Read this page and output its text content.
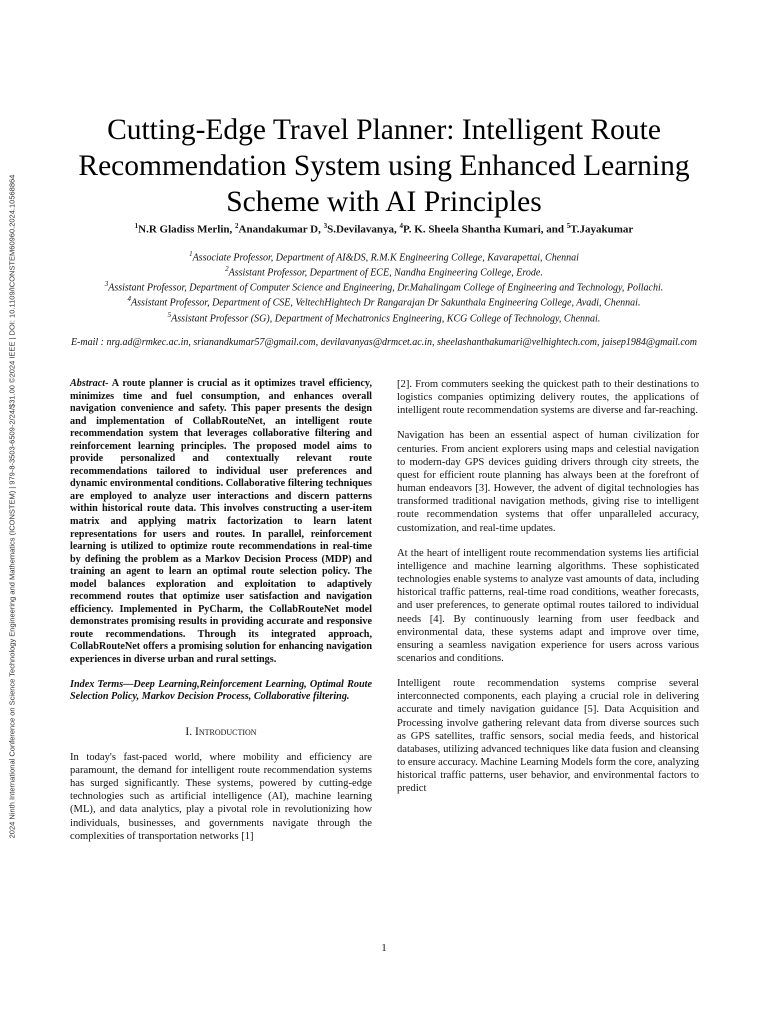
2024 Ninth International Conference on Science Technology Engineering and Mathematics (ICONSTEM) | 979-8-3503-6509-2/24/$31.00 ©2024 IEEE | DOI: 10.1109/ICONSTEM60960.2024.10568864
Cutting-Edge Travel Planner: Intelligent Route Recommendation System using Enhanced Learning Scheme with AI Principles
$^1$N.R Gladiss Merlin, $^2$Anandakumar D, $^3$S.Devilavanya, $^4$P. K. Sheela Shantha Kumari, and $^5$T.Jayakumar
$^1$Associate Professor, Department of AI&DS, R.M.K Engineering College, Kavarapettai, Chennai
$^2$Assistant Professor, Department of ECE, Nandha Engineering College, Erode.
$^3$Assistant Professor, Department of Computer Science and Engineering, Dr.Mahalingam College of Engineering and Technology, Pollachi.
$^4$Assistant Professor, Department of CSE, VeltechHightech Dr Rangarajan Dr Sakunthala Engineering College, Avadi, Chennai.
$^5$Assistant Professor (SG), Department of Mechatronics Engineering, KCG College of Technology, Chennai.
E-mail : nrg.ad@rmkec.ac.in, srianandkumar57@gmail.com, devilavanyas@drmcet.ac.in, sheelashanthakumari@velhightech.com, jaisep1984@gmail.com

Abstract- A route planner is crucial as it optimizes travel efficiency, minimizes time and fuel consumption, and enhances overall navigation convenience and safety. This paper presents the design and implementation of CollabRouteNet, an intelligent route recommendation system that leverages collaborative filtering and reinforcement learning principles. The proposed model aims to provide personalized and contextually relevant route recommendations tailored to individual user preferences and dynamic environmental conditions. Collaborative filtering techniques are employed to analyze user interactions and discern patterns within historical route data. This involves constructing a user-item matrix and applying matrix factorization to learn latent representations for users and routes. In parallel, reinforcement learning is utilized to optimize route recommendations in real-time by defining the problem as a Markov Decision Process (MDP) and training an agent to learn an optimal route selection policy. The model balances exploration and exploitation to adaptively recommend routes that optimize user satisfaction and navigation efficiency. Implemented in PyCharm, the CollabRouteNet model demonstrates promising results in providing accurate and responsive route recommendations. Through its integrated approach, CollabRouteNet offers a promising solution for enhancing navigation experiences in diverse urban and rural settings.

Index Terms—Deep Learning,Reinforcement Learning, Optimal Route Selection Policy, Markov Decision Process, Collaborative filtering.

I. Introduction

In today's fast-paced world, where mobility and efficiency are paramount, the demand for intelligent route recommendation systems has surged significantly. These systems, powered by cutting-edge technologies such as artificial intelligence (AI), machine learning (ML), and data analytics, play a pivotal role in revolutionizing how individuals, businesses, and governments navigate through the complexities of transportation networks [1]

[2]. From commuters seeking the quickest path to their destinations to logistics companies optimizing delivery routes, the applications of intelligent route recommendation systems are diverse and far-reaching.

Navigation has been an essential aspect of human civilization for centuries. From ancient explorers using maps and celestial navigation to modern-day GPS devices guiding drivers through city streets, the quest for efficient route planning has always been at the forefront of human endeavors [3]. However, the advent of digital technologies has transformed traditional navigation methods, giving rise to intelligent route recommendation systems that offer unparalleled accuracy, customization, and real-time updates.

At the heart of intelligent route recommendation systems lies artificial intelligence and machine learning algorithms. These sophisticated technologies enable systems to analyze vast amounts of data, including historical traffic patterns, real-time road conditions, weather forecasts, and user preferences, to generate optimal routes tailored to individual needs [4]. By continuously learning from user feedback and environmental data, these systems adapt and improve over time, ensuring a seamless navigation experience for users across various scenarios and conditions.

Intelligent route recommendation systems comprise several interconnected components, each playing a crucial role in delivering accurate and timely navigation guidance [5]. Data Acquisition and Processing involve gathering relevant data from diverse sources such as GPS satellites, traffic sensors, social media feeds, and historical databases, utilizing advanced techniques like data fusion and cleansing to ensure accuracy. Machine Learning Models form the core, analyzing historical traffic patterns, user behavior, and environmental factors to predict

1
